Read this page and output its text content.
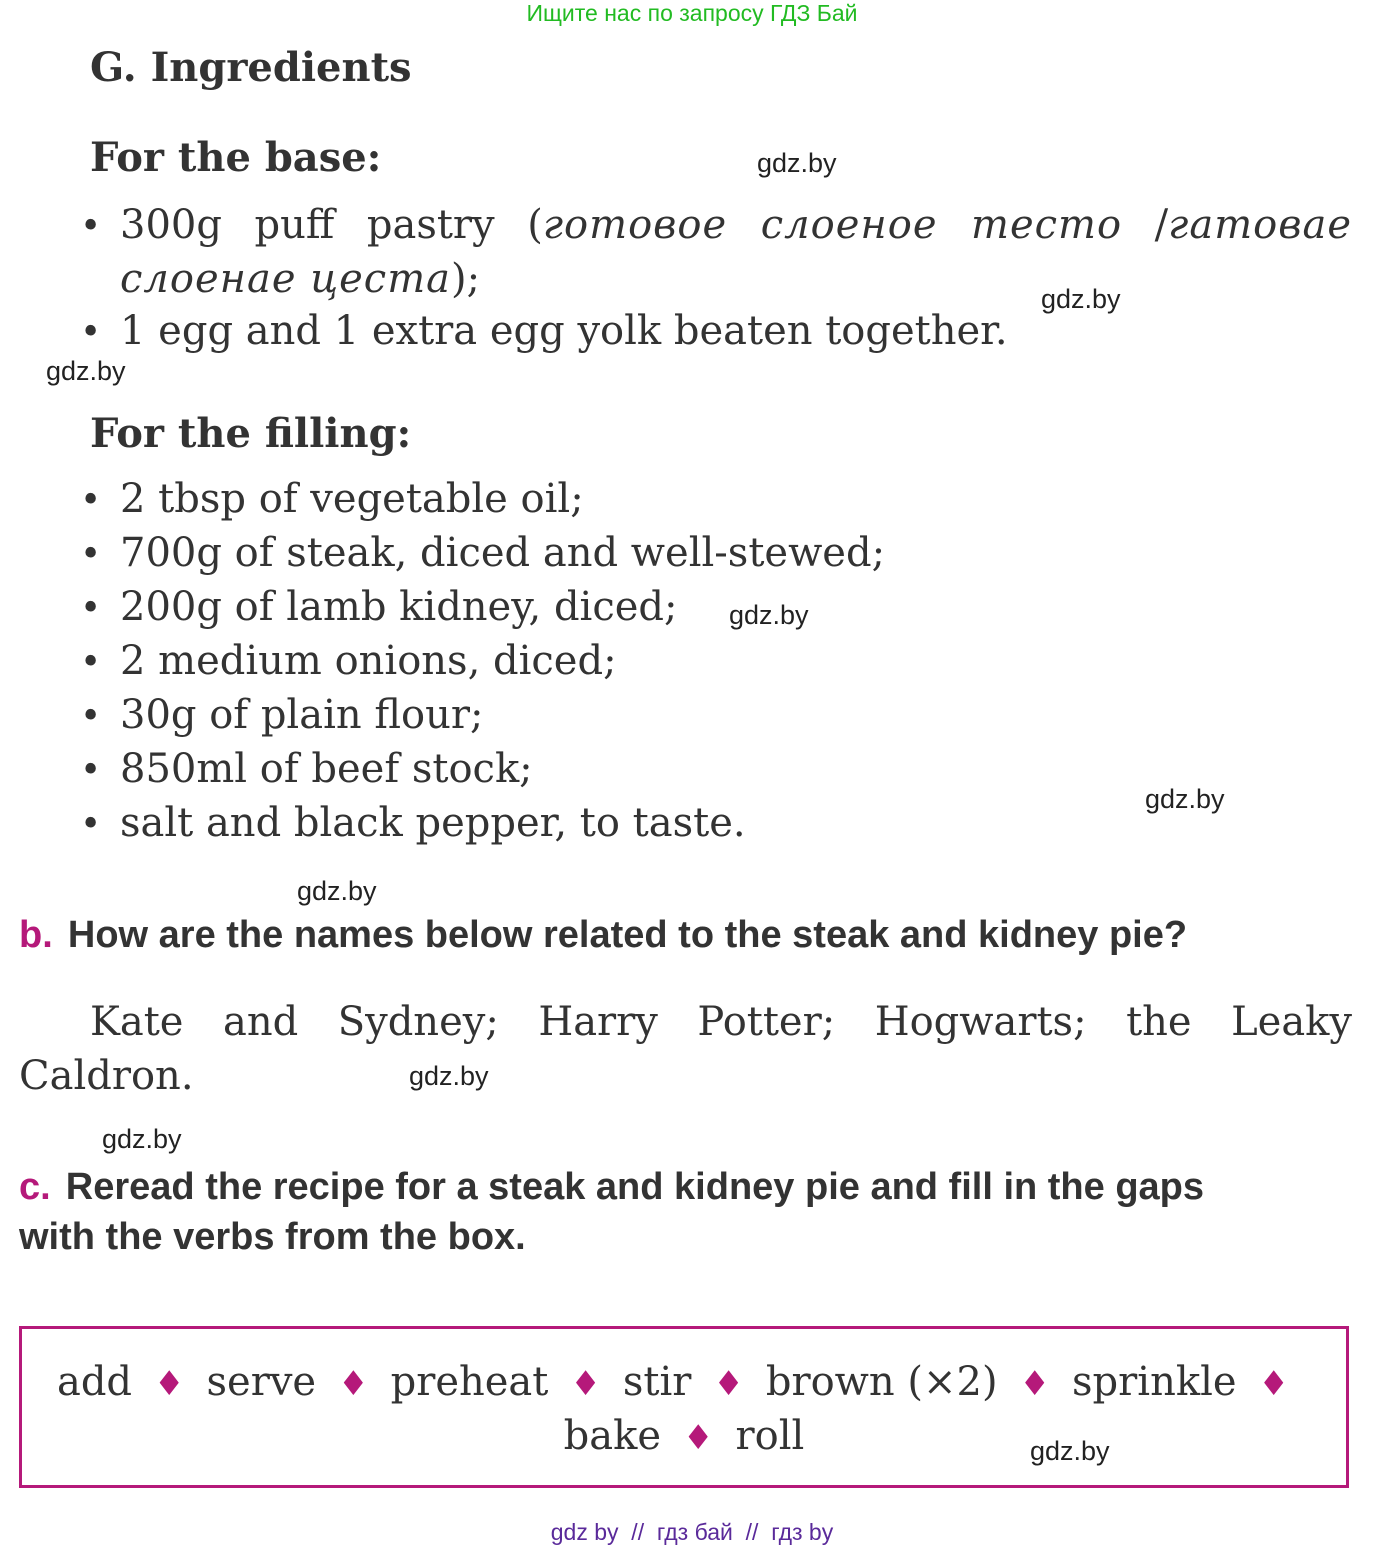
Ищите нас по запросу ГДЗ Бай
G. Ingredients
For the base:
• 300g puff pastry (готовое слоеное тесто /гатовае
слоенае цеста);
• 1 egg and 1 extra egg yolk beaten together.
For the filling:
• 2 tbsp of vegetable oil;
• 700g of steak, diced and well-stewed;
• 200g of lamb kidney, diced;
• 2 medium onions, diced;
• 30g of plain flour;
• 850ml of beef stock;
• salt and black pepper, to taste.
b. How are the names below related to the steak and kidney pie?
Kate and Sydney; Harry Potter; Hogwarts; the Leaky
Caldron.
c. Reread the recipe for a steak and kidney pie and fill in the gaps
with the verbs from the box.
add ♦ serve ♦ preheat ♦ stir ♦ brown (×2) ♦ sprinkle ♦
bake ♦ roll
gdz.by
gdz.by
gdz.by
gdz.by
gdz.by
gdz.by
gdz.by
gdz.by
gdz.by
gdz by  //  гдз бай  //  гдз by
